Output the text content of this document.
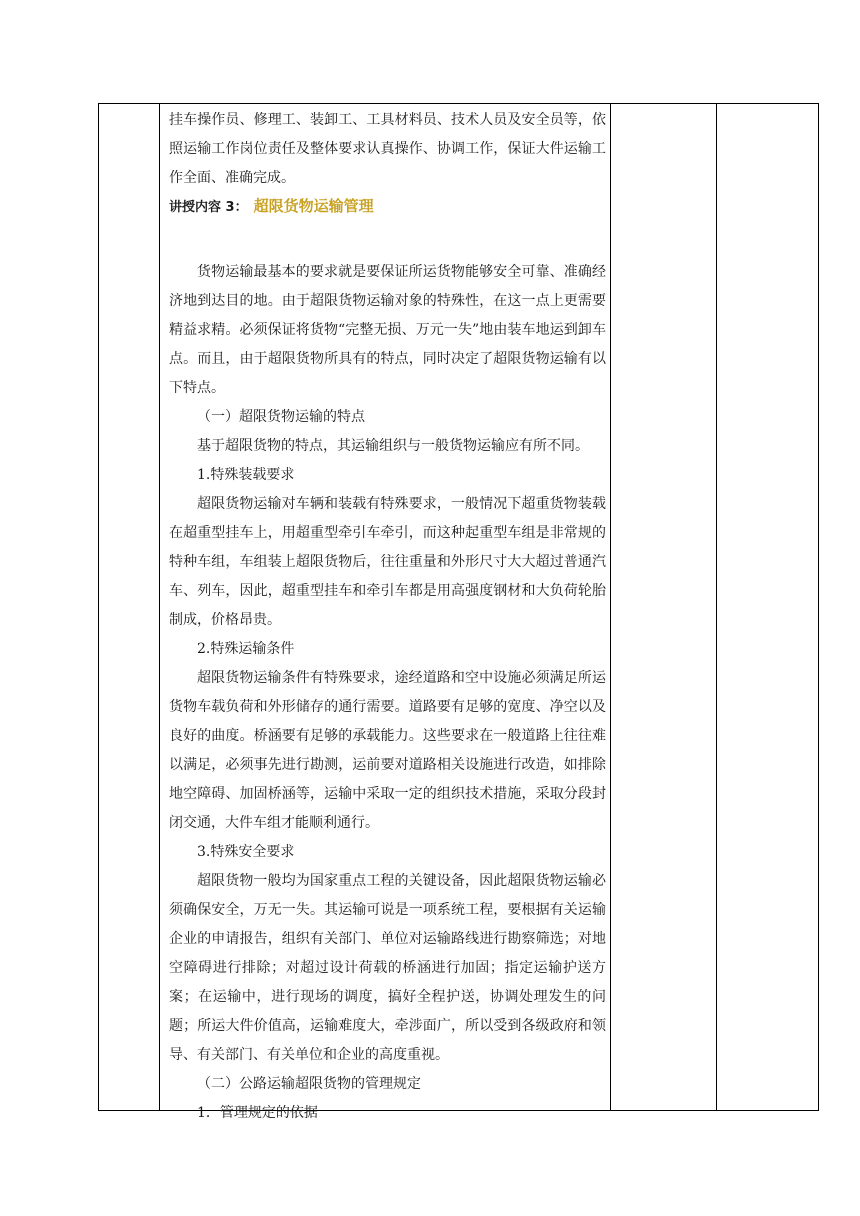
挂车操作员、修理工、装卸工、工具材料员、技术人员及安全员等，依照运输工作岗位责任及整体要求认真操作、协调工作，保证大件运输工作全面、准确完成。

讲授内容 3： 超限货物运输管理

货物运输最基本的要求就是要保证所运货物能够安全可靠、准确经济地到达目的地。由于超限货物运输对象的特殊性，在这一点上更需要精益求精。必须保证将货物“完整无损、万元一失”地由装车地运到卸车点。而且，由于超限货物所具有的特点，同时决定了超限货物运输有以下特点。

（一）超限货物运输的特点

基于超限货物的特点，其运输组织与一般货物运输应有所不同。

1.特殊装载要求

超限货物运输对车辆和装载有特殊要求，一般情况下超重货物装载在超重型挂车上，用超重型牵引车牵引，而这种起重型车组是非常规的特种车组，车组装上超限货物后，往往重量和外形尺寸大大超过普通汽车、列车，因此，超重型挂车和牵引车都是用高强度钢材和大负荷轮胎制成，价格昂贵。

2.特殊运输条件

超限货物运输条件有特殊要求，途经道路和空中设施必须满足所运货物车载负荷和外形储存的通行需要。道路要有足够的宽度、净空以及良好的曲度。桥涵要有足够的承载能力。这些要求在一般道路上往往难以满足，必须事先进行勘测，运前要对道路相关设施进行改造，如排除地空障碍、加固桥涵等，运输中采取一定的组织技术措施，采取分段封闭交通，大件车组才能顺利通行。

3.特殊安全要求

超限货物一般均为国家重点工程的关键设备，因此超限货物运输必须确保安全，万无一失。其运输可说是一项系统工程，要根据有关运输企业的申请报告，组织有关部门、单位对运输路线进行勘察筛选；对地空障碍进行排除；对超过设计荷载的桥涵进行加固；指定运输护送方案；在运输中，进行现场的调度，搞好全程护送，协调处理发生的问题；所运大件价值高，运输难度大，牵涉面广，所以受到各级政府和领导、有关部门、有关单位和企业的高度重视。

（二）公路运输超限货物的管理规定

1．管理规定的依据
